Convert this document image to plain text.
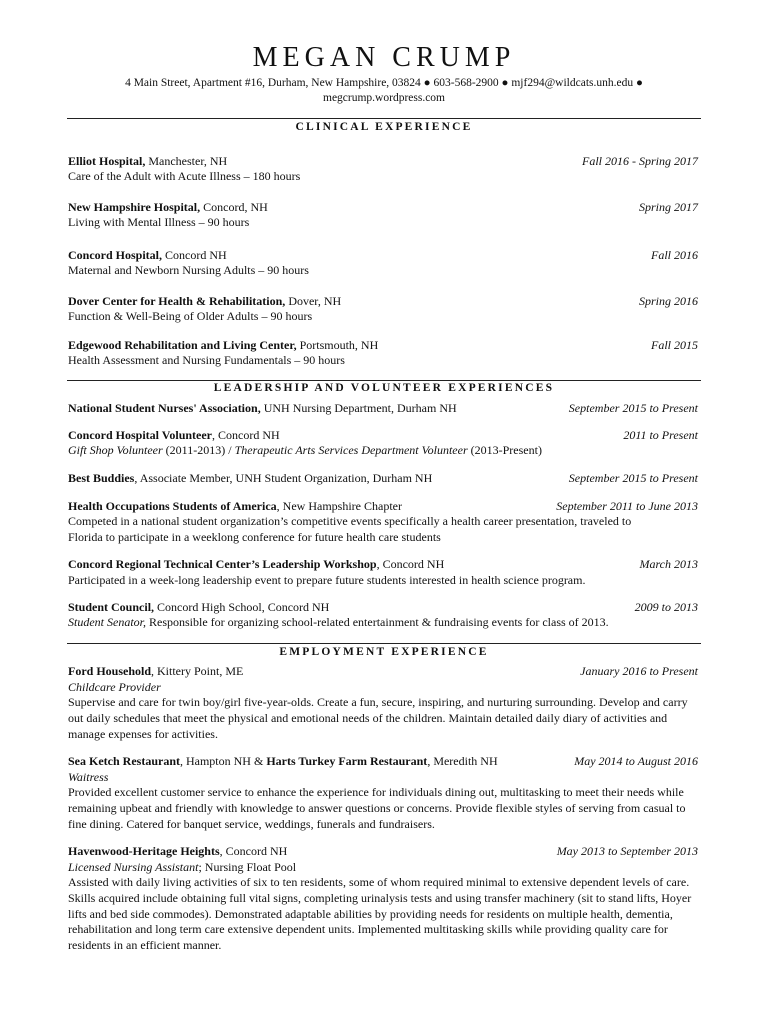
MEGAN CRUMP
4 Main Street, Apartment #16, Durham, New Hampshire, 03824 ● 603-568-2900 ● mjf294@wildcats.unh.edu ●
megcrump.wordpress.com
CLINICAL EXPERIENCE
Elliot Hospital, Manchester, NH	Fall 2016 - Spring 2017
Care of the Adult with Acute Illness – 180 hours
New Hampshire Hospital, Concord, NH	Spring 2017
Living with Mental Illness – 90 hours
Concord Hospital, Concord NH	Fall 2016
Maternal and Newborn Nursing Adults – 90 hours
Dover Center for Health & Rehabilitation, Dover, NH	Spring 2016
Function & Well-Being of Older Adults – 90 hours
Edgewood Rehabilitation and Living Center, Portsmouth, NH	Fall 2015
Health Assessment and Nursing Fundamentals – 90 hours
LEADERSHIP AND VOLUNTEER EXPERIENCES
National Student Nurses' Association, UNH Nursing Department, Durham NH	September 2015 to Present
Concord Hospital Volunteer, Concord NH	2011 to Present
Gift Shop Volunteer (2011-2013) / Therapeutic Arts Services Department Volunteer (2013-Present)
Best Buddies, Associate Member, UNH Student Organization, Durham NH	September 2015 to Present
Health Occupations Students of America, New Hampshire Chapter	September 2011 to June 2013
Competed in a national student organization’s competitive events specifically a health career presentation, traveled to
Florida to participate in a weeklong conference for future health care students
Concord Regional Technical Center’s Leadership Workshop, Concord NH	March 2013
Participated in a week-long leadership event to prepare future students interested in health science program.
Student Council, Concord High School, Concord NH	2009 to 2013
Student Senator, Responsible for organizing school-related entertainment & fundraising events for class of 2013.
EMPLOYMENT EXPERIENCE
Ford Household, Kittery Point, ME	January 2016 to Present
Childcare Provider
Supervise and care for twin boy/girl five-year-olds. Create a fun, secure, inspiring, and nurturing surrounding. Develop and carry out daily schedules that meet the physical and emotional needs of the children. Maintain detailed daily diary of activities and manage expenses for activities.
Sea Ketch Restaurant, Hampton NH & Harts Turkey Farm Restaurant, Meredith NH	May 2014 to August 2016
Waitress
Provided excellent customer service to enhance the experience for individuals dining out, multitasking to meet their needs while remaining upbeat and friendly with knowledge to answer questions or concerns. Provide flexible styles of serving from casual to fine dining. Catered for banquet service, weddings, funerals and fundraisers.
Havenwood-Heritage Heights, Concord NH	May 2013 to September 2013
Licensed Nursing Assistant; Nursing Float Pool
Assisted with daily living activities of six to ten residents, some of whom required minimal to extensive dependent levels of care. Skills acquired include obtaining full vital signs, completing urinalysis tests and using transfer machinery (sit to stand lifts, Hoyer lifts and bed side commodes). Demonstrated adaptable abilities by providing needs for residents on multiple health, dementia, rehabilitation and long term care extensive dependent units. Implemented multitasking skills while providing quality care for residents in an efficient manner.
